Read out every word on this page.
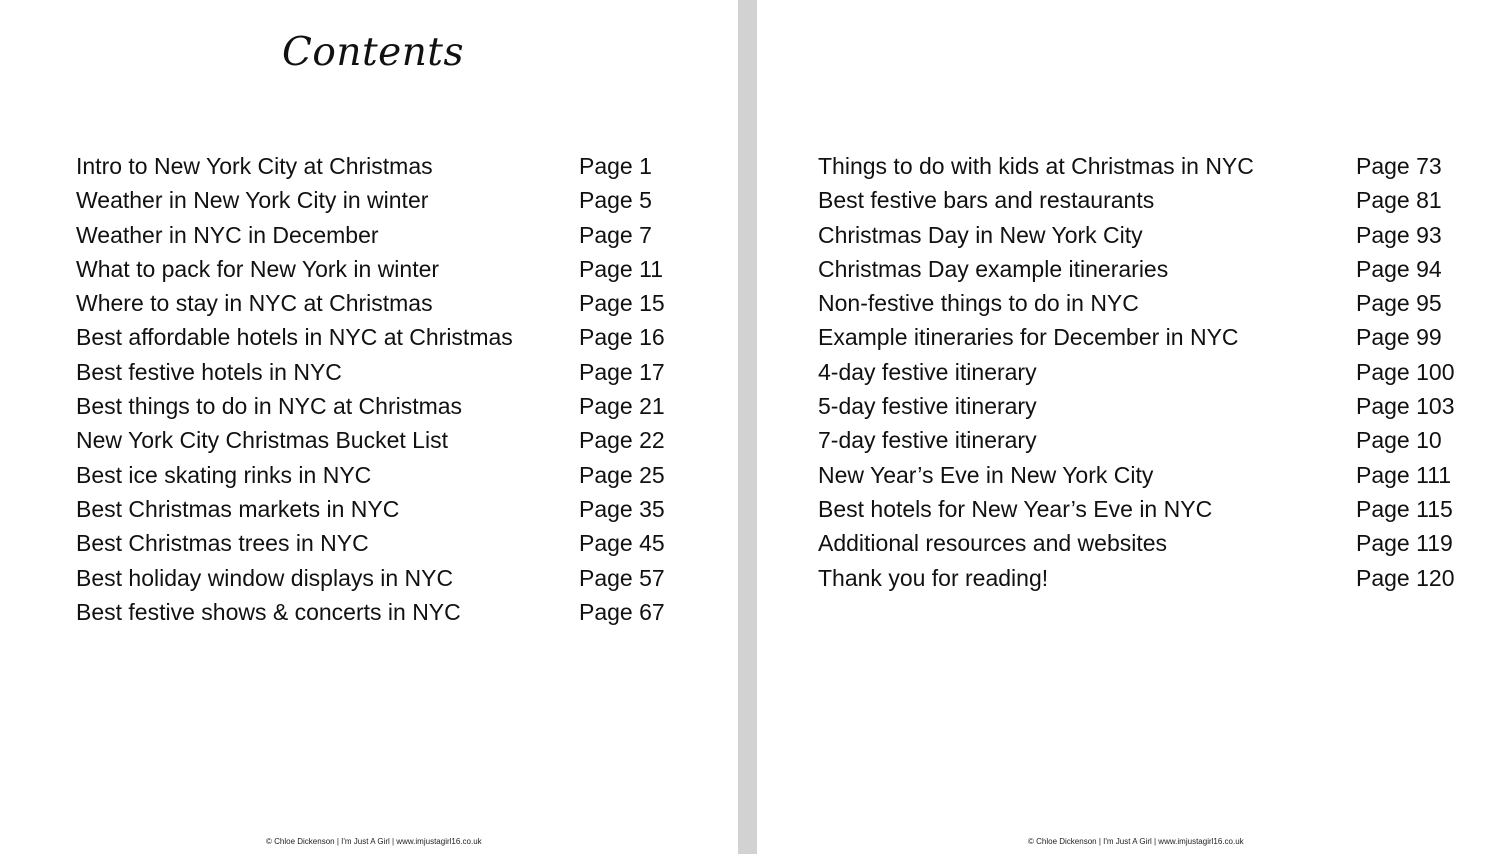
Contents
Intro to New York City at Christmas	Page 1
Weather in New York City in winter	Page 5
Weather in NYC in December	Page 7
What to pack for New York in winter	Page 11
Where to stay in NYC at Christmas	Page 15
Best affordable hotels in NYC at Christmas	Page 16
Best festive hotels in NYC	Page 17
Best things to do in NYC at Christmas	Page 21
New York City Christmas Bucket List	Page 22
Best ice skating rinks in NYC	Page 25
Best Christmas markets in NYC	Page 35
Best Christmas trees in NYC	Page 45
Best holiday window displays in NYC	Page 57
Best festive shows & concerts in NYC	Page 67
© Chloe Dickenson | I'm Just A Girl | www.imjustagirl16.co.uk
Things to do with kids at Christmas in NYC	Page 73
Best festive bars and restaurants	Page 81
Christmas Day in New York City	Page 93
Christmas Day example itineraries	Page 94
Non-festive things to do in NYC	Page 95
Example itineraries for December in NYC	Page 99
4-day festive itinerary	Page 100
5-day festive itinerary	Page 103
7-day festive itinerary	Page 10
New Year’s Eve in New York City	Page 111
Best hotels for New Year’s Eve in NYC	Page 115
Additional resources and websites	Page 119
Thank you for reading!	Page 120
© Chloe Dickenson | I'm Just A Girl | www.imjustagirl16.co.uk
